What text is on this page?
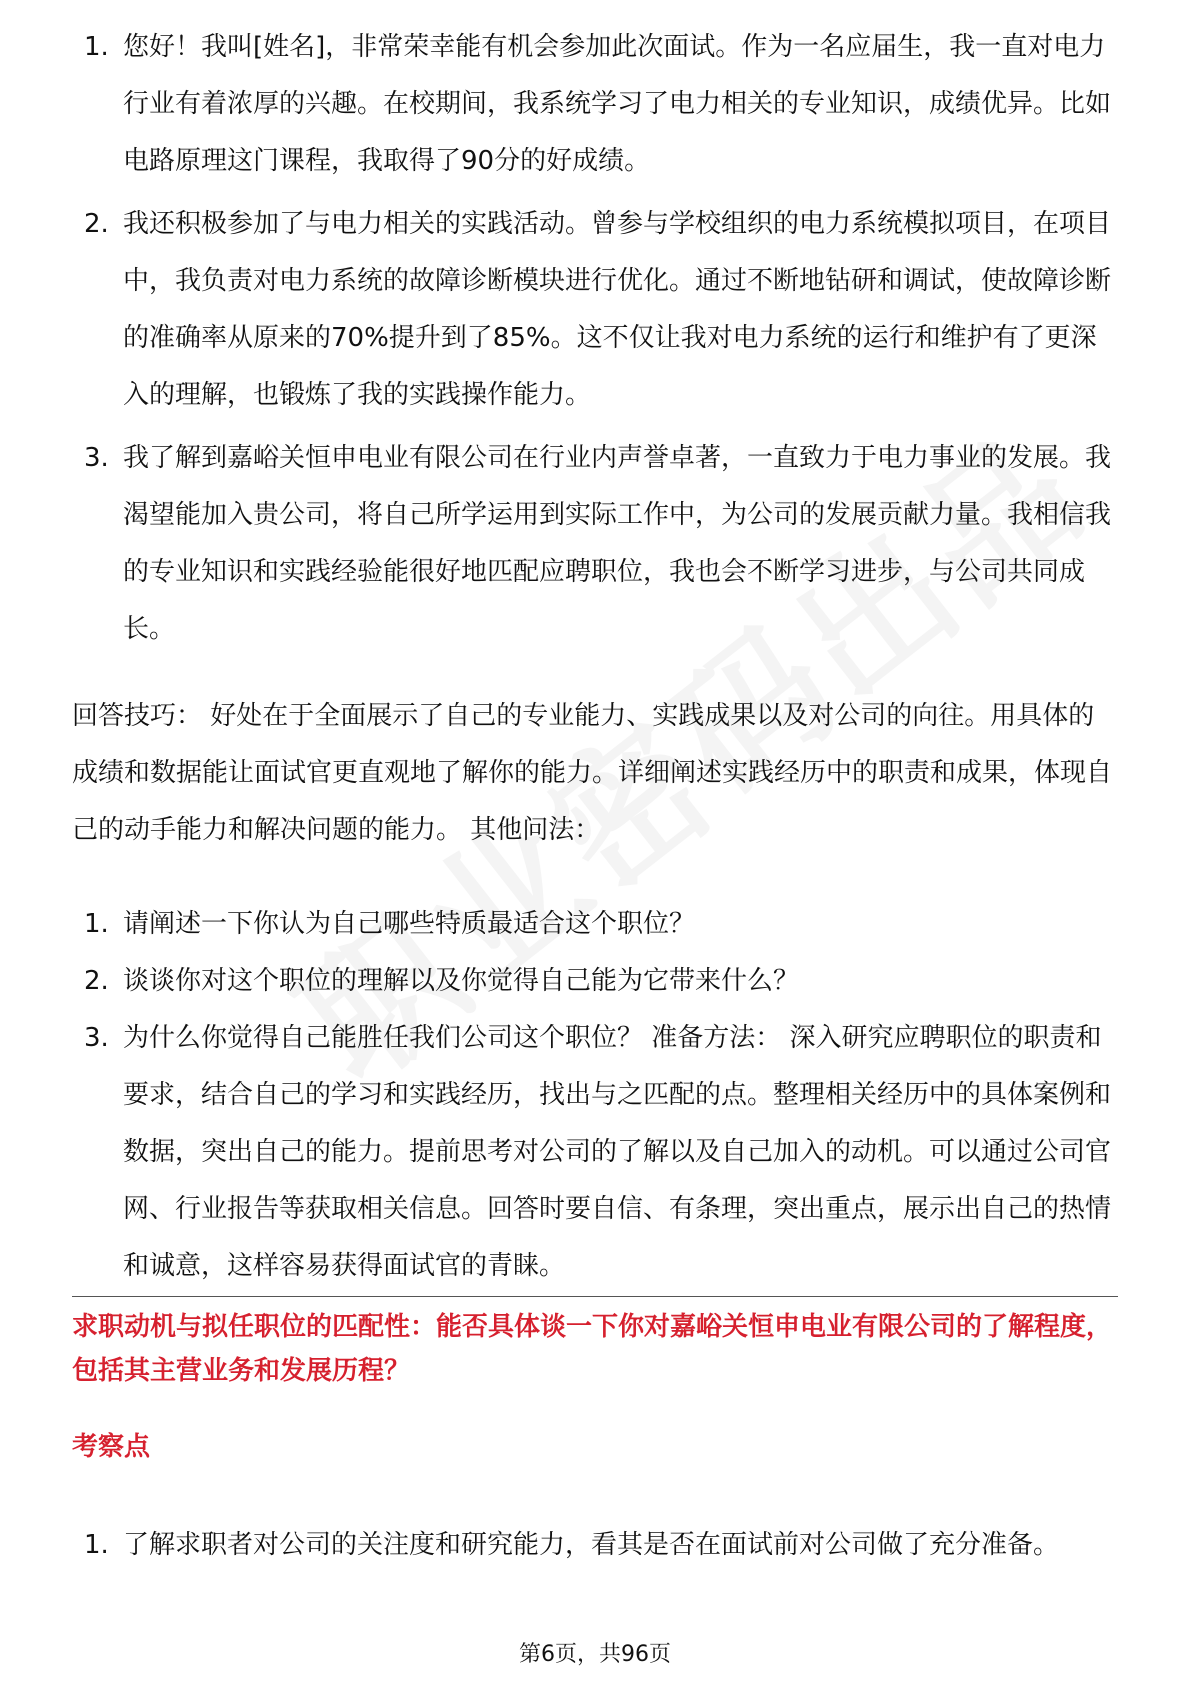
1. 您好！我叫[姓名]，非常荣幸能有机会参加此次面试。作为一名应届生，我一直对电力行业有着浓厚的兴趣。在校期间，我系统学习了电力相关的专业知识，成绩优异。比如电路原理这门课程，我取得了90分的好成绩。
2. 我还积极参加了与电力相关的实践活动。曾参与学校组织的电力系统模拟项目，在项目中，我负责对电力系统的故障诊断模块进行优化。通过不断地钻研和调试，使故障诊断的准确率从原来的70%提升到了85%。这不仅让我对电力系统的运行和维护有了更深入的理解，也锻炼了我的实践操作能力。
3. 我了解到嘉峪关恒申电业有限公司在行业内声誉卓著，一直致力于电力事业的发展。我渴望能加入贵公司，将自己所学运用到实际工作中，为公司的发展贡献力量。我相信我的专业知识和实践经验能很好地匹配应聘职位，我也会不断学习进步，与公司共同成长。

回答技巧： 好处在于全面展示了自己的专业能力、实践成果以及对公司的向往。用具体的成绩和数据能让面试官更直观地了解你的能力。详细阐述实践经历中的职责和成果，体现自己的动手能力和解决问题的能力。 其他问法：

1. 请阐述一下你认为自己哪些特质最适合这个职位？
2. 谈谈你对这个职位的理解以及你觉得自己能为它带来什么？
3. 为什么你觉得自己能胜任我们公司这个职位？ 准备方法： 深入研究应聘职位的职责和要求，结合自己的学习和实践经历，找出与之匹配的点。整理相关经历中的具体案例和数据，突出自己的能力。提前思考对公司的了解以及自己加入的动机。可以通过公司官网、行业报告等获取相关信息。回答时要自信、有条理，突出重点，展示出自己的热情和诚意，这样容易获得面试官的青睐。
求职动机与拟任职位的匹配性：能否具体谈一下你对嘉峪关恒申电业有限公司的了解程度，包括其主营业务和发展历程？
考察点
1. 了解求职者对公司的关注度和研究能力，看其是否在面试前对公司做了充分准备。
第6页，共96页
